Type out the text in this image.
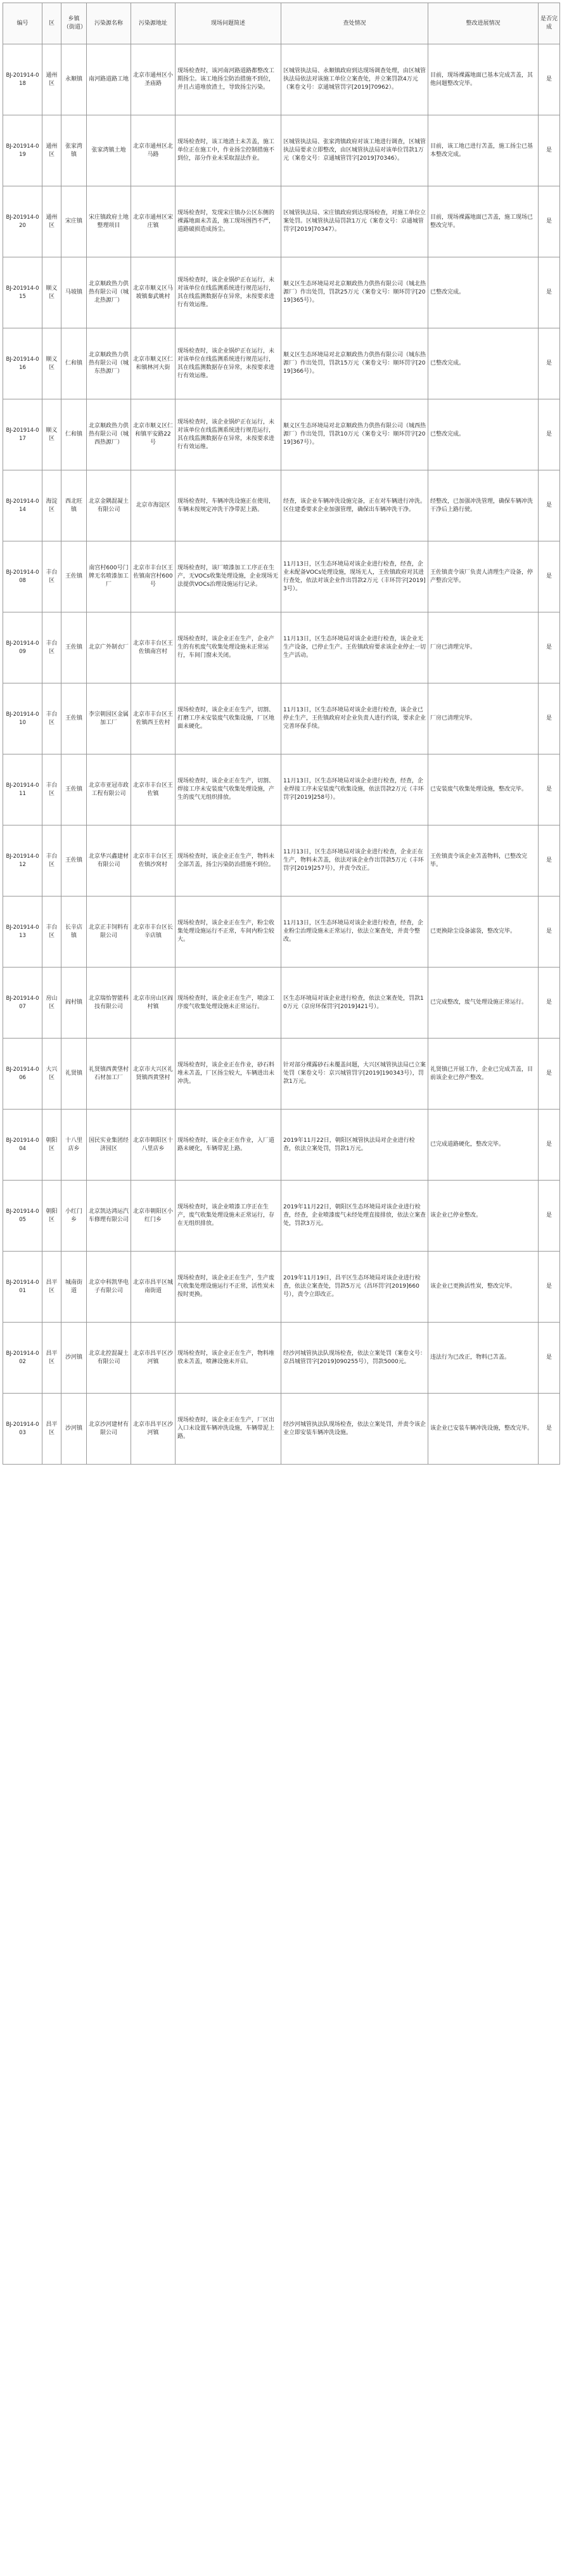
编号	区	乡镇（街道）	污染源名称	污染源地址	现场问题简述	查处情况	整改进展情况	是否完成
BJ-201914-018	通州区	永顺镇	南河路道路工地	北京市通州区小圣庙路	现场检查时，该河南河路道路都整改工期扬尘。该工地扬尘防治措施不到位，并且占道堆放渣土，导致扬尘污染。	区城管执法局、永顺镇政府到达现场调查处理，由区城管执法局依法对该施工单位立案查处，并立案罚款4万元（案卷文号：京通城管罚字[2019]70962）。	目前，现场裸露地面已基本完成苫盖，其他问题整改完毕。	是
BJ-201914-019	通州区	张家湾镇	张家湾镇土地	北京市通州区北马路	现场检查时，该工地渣土未苫盖，施工单位正在施工中，作业扬尘控制措施不到位，部分作业未采取湿法作业。	区城管执法局、张家湾镇政府对该工地进行调查，区城管执法局要求立即整改，由区城管执法局对该单位罚款1万元（案卷文号：京通城管罚字[2019]70346）。	目前，该工地已进行苫盖，施工扬尘已基本整改完成。	是
BJ-201914-020	通州区	宋庄镇	宋庄镇政府土地整理项目	北京市通州区宋庄镇	现场检查时，发现宋庄镇办公区东侧的裸露地面未苫盖，施工现场围挡不严，道路破损造成扬尘。	区城管执法局、宋庄镇政府到达现场检查，对施工单位立案处罚。区城管执法局罚款1万元（案卷文号：京通城管罚字[2019]70347）。	目前，现场裸露地面已苫盖，施工现场已整改完毕。	是
BJ-201914-015	顺义区	马坡镇	北京顺政热力供热有限公司（城北热源厂）	北京市顺义区马坡镇秦武姚村	现场检查时，该企业锅炉正在运行，未对该单位在线监测系统进行规范运行，其在线监测数据存在异常，未按要求进行有效运维。	顺义区生态环境局对北京顺政热力供热有限公司（城北热源厂）作出处罚，罚款25万元（案卷文号：顺环罚字[2019]365号）。	已整改完成。	是
BJ-201914-016	顺义区	仁和镇	北京顺政热力供热有限公司（城东热源厂）	北京市顺义区仁和镇林河大街	现场检查时，该企业锅炉正在运行，未对该单位在线监测系统进行规范运行，其在线监测数据存在异常，未按要求进行有效运维。	顺义区生态环境局对北京顺政热力供热有限公司（城东热源厂）作出处罚，罚款15万元（案卷文号：顺环罚字[2019]366号）。	已整改完成。	是
BJ-201914-017	顺义区	仁和镇	北京顺政热力供热有限公司（城西热源厂）	北京市顺义区仁和镇平安路22号	现场检查时，该企业锅炉正在运行，未对该单位在线监测系统进行规范运行，其在线监测数据存在异常，未按要求进行有效运维。	顺义区生态环境局对北京顺政热力供热有限公司（城西热源厂）作出处罚，罚款10万元（案卷文号：顺环罚字[2019]367号）。	已整改完成。	是
BJ-201914-014	海淀区	西北旺镇	北京金隅混凝土有限公司	北京市海淀区	现场检查时，车辆冲洗设施正在使用，车辆未按规定冲洗干净带泥上路。	经查，该企业车辆冲洗设施完备，正在对车辆进行冲洗。区住建委要求企业加强管理，确保出车辆冲洗干净。	经整改，已加强冲洗管理，确保车辆冲洗干净后上路行驶。	是
BJ-201914-008	丰台区	王佐镇	南宫村600号门牌无名喷漆加工厂	北京市丰台区王佐镇南宫村600号	现场检查时，该厂喷漆加工工序正在生产，无VOCs收集处理设施，企业现场无法提供VOCs治理设施运行记录。	11月13日，区生态环境局对该企业进行检查，经查，企业未配备VOCs处理设施，现场无人，王佐镇政府对其进行查处，依法对该企业作出罚款2万元（丰环罚字[2019]3号）。	王佐镇责令该厂负责人清理生产设备，停产整治完毕。	是
BJ-201914-009	丰台区	王佐镇	北京广外制衣厂	北京市丰台区王佐镇南宫村	现场检查时，该企业正在生产，企业产生的有机废气收集处理设施未正常运行，车间门窗未关闭。	11月13日，区生态环境局对该企业进行检查，该企业无生产设备，已停止生产。王佐镇政府要求该企业停止一切生产活动。	厂房已清理完毕。	是
BJ-201914-010	丰台区	王佐镇	李宗朝园区金属加工厂	北京市丰台区王佐镇西王佐村	现场检查时，该企业正在生产，切割、打磨工序未安装废气收集设施，厂区地面未硬化。	11月13日，区生态环境局对该企业进行检查，该企业已停止生产，王佐镇政府对企业负责人进行约谈，要求企业完善环保手续。	厂房已清理完毕。	是
BJ-201914-011	丰台区	王佐镇	北京市亚冠市政工程有限公司	北京市丰台区王佐镇	现场检查时，该企业正在生产，切割、焊接工序未安装废气收集处理设施，产生的废气无组织排放。	11月13日，区生态环境局对该企业进行检查，经查，企业焊接工序未安装废气收集设施，依法罚款2万元（丰环罚字[2019]258号）。	已安装废气收集处理设施，整改完毕。	是
BJ-201914-012	丰台区	王佐镇	北京华兴鑫建材有限公司	北京市丰台区王佐镇沙窝村	现场检查时，该企业正在生产，物料未全部苫盖，扬尘污染防治措施不到位。	11月13日，区生态环境局对该企业进行检查，企业正在生产，物料未苫盖，依法对该企业作出罚款5万元（丰环罚字[2019]257号），并责令改正。	王佐镇责令该企业苫盖物料，已整改完毕。	是
BJ-201914-013	丰台区	长辛店镇	北京正丰饲料有限公司	北京市丰台区长辛店镇	现场检查时，该企业正在生产，粉尘收集处理设施运行不正常，车间内粉尘较大。	11月13日，区生态环境局对该企业进行检查，经查，企业粉尘治理设施未正常运行，依法立案查处，并责令整改。	已更换除尘设备滤袋，整改完毕。	是
BJ-201914-007	房山区	阎村镇	北京瑞怡智能科技有限公司	北京市房山区阎村镇	现场检查时，该企业正在生产，喷涂工序废气收集处理设施未正常运行。	区生态环境局对该企业进行检查，依法立案查处，罚款10万元（京房环保罚字[2019]421号）。	已完成整改，废气处理设施正常运行。	是
BJ-201914-006	大兴区	礼贤镇	礼贤镇西黄垡村石材加工厂	北京市大兴区礼贤镇西黄垡村	现场检查时，该企业正在作业，砂石料堆未苫盖，厂区扬尘较大，车辆进出未冲洗。	针对部分裸露砂石未覆盖问题，大兴区城管执法局已立案处罚（案卷文号：京兴城管罚字[2019]190343号），罚款1万元。	礼贤镇已开展工作，企业已完成苫盖，目前该企业已停产整改。	是
BJ-201914-004	朝阳区	十八里店乡	国民实业集团经济园区	北京市朝阳区十八里店乡	现场检查时，该企业正在作业，入厂道路未硬化，车辆带泥上路。	2019年11月22日，朝阳区城管执法局对企业进行检查，依法立案处罚，罚款1万元。	已完成道路硬化，整改完毕。	是
BJ-201914-005	朝阳区	小红门乡	北京凯达鸿运汽车修理有限公司	北京市朝阳区小红门乡	现场检查时，该企业喷漆工序正在生产，废气收集处理设施未正常运行，存在无组织排放。	2019年11月22日，朝阳区生态环境局对该企业进行检查，经查，企业喷漆废气未经处理直接排放，依法立案查处，罚款3万元。	该企业已停业整改。	是
BJ-201914-001	昌平区	城南街道	北京中科凯华电子有限公司	北京市昌平区城南街道	现场检查时，该企业正在生产，生产废气收集处理设施运行不正常，活性炭未按时更换。	2019年11月19日，昌平区生态环境局对该企业进行检查，依法立案查处，罚款5万元（昌环罚字[2019]660号），责令立即改正。	该企业已更换活性炭，整改完毕。	是
BJ-201914-002	昌平区	沙河镇	北京北控混凝土有限公司	北京市昌平区沙河镇	现场检查时，该企业正在生产，物料堆放未苫盖，喷淋设施未开启。	经沙河城管执法队现场检查，依法立案处罚（案卷文号：京昌城管罚字[2019]090255号），罚款5000元。	违法行为已改正，物料已苫盖。	是
BJ-201914-003	昌平区	沙河镇	北京沙河建材有限公司	北京市昌平区沙河镇	现场检查时，该企业正在生产，厂区出入口未设置车辆冲洗设施，车辆带泥上路。	经沙河城管执法队现场检查，依法立案处罚，并责令该企业立即安装车辆冲洗设施。	该企业已安装车辆冲洗设施，整改完毕。	是
